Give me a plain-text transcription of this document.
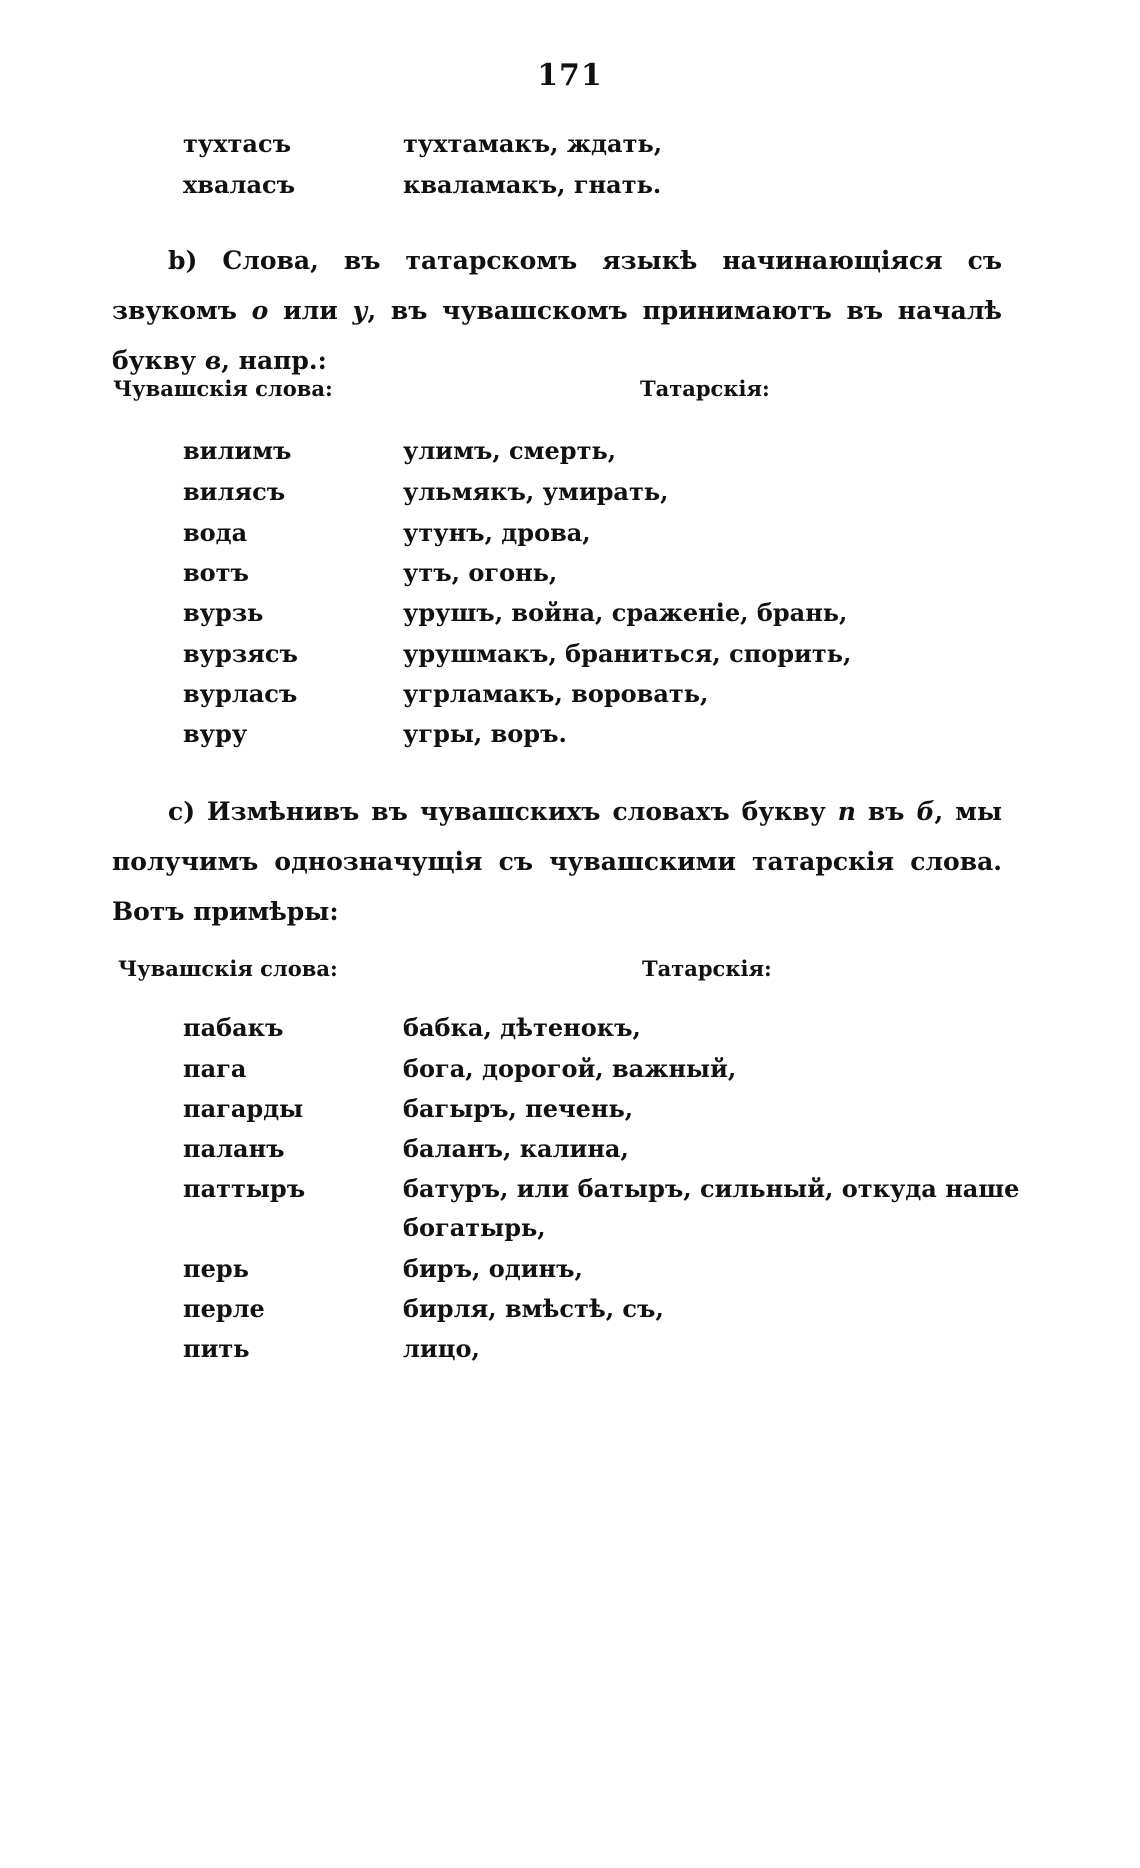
171
тухтасъ	тухтамакъ, ждать,
хваласъ	кваламакъ, гнать.
b) Слова, въ татарскомъ языкѣ начинающіяся съ звукомъ о или у, въ чувашскомъ принимаютъ въ началѣ букву в, напр.:
Чувашскія слова:	Татарскія:
вилимъ	улимъ, смерть,
вилясъ	ульмякъ, умирать,
вода	утунъ, дрова,
вотъ	утъ, огонь,
вурзь	урушъ, война, сраженіе, брань,
вурзясъ	урушмакъ, браниться, спорить,
вурласъ	угрламакъ, воровать,
вуру	угры, воръ.
c) Измѣнивъ въ чувашскихъ словахъ букву п въ б, мы получимъ однозначущія съ чувашскими татарскія слова. Вотъ примѣры:
Чувашскія слова:	Татарскія:
пабакъ	бабка, дѣтенокъ,
пага	бога, дорогой, важный,
пагарды	багыръ, печень,
паланъ	баланъ, калина,
паттыръ	батуръ, или батыръ, сильный, откуда наше
богатырь,
перь	биръ, одинъ,
перле	бирля, вмѣстѣ, съ,
пить	лицо,
